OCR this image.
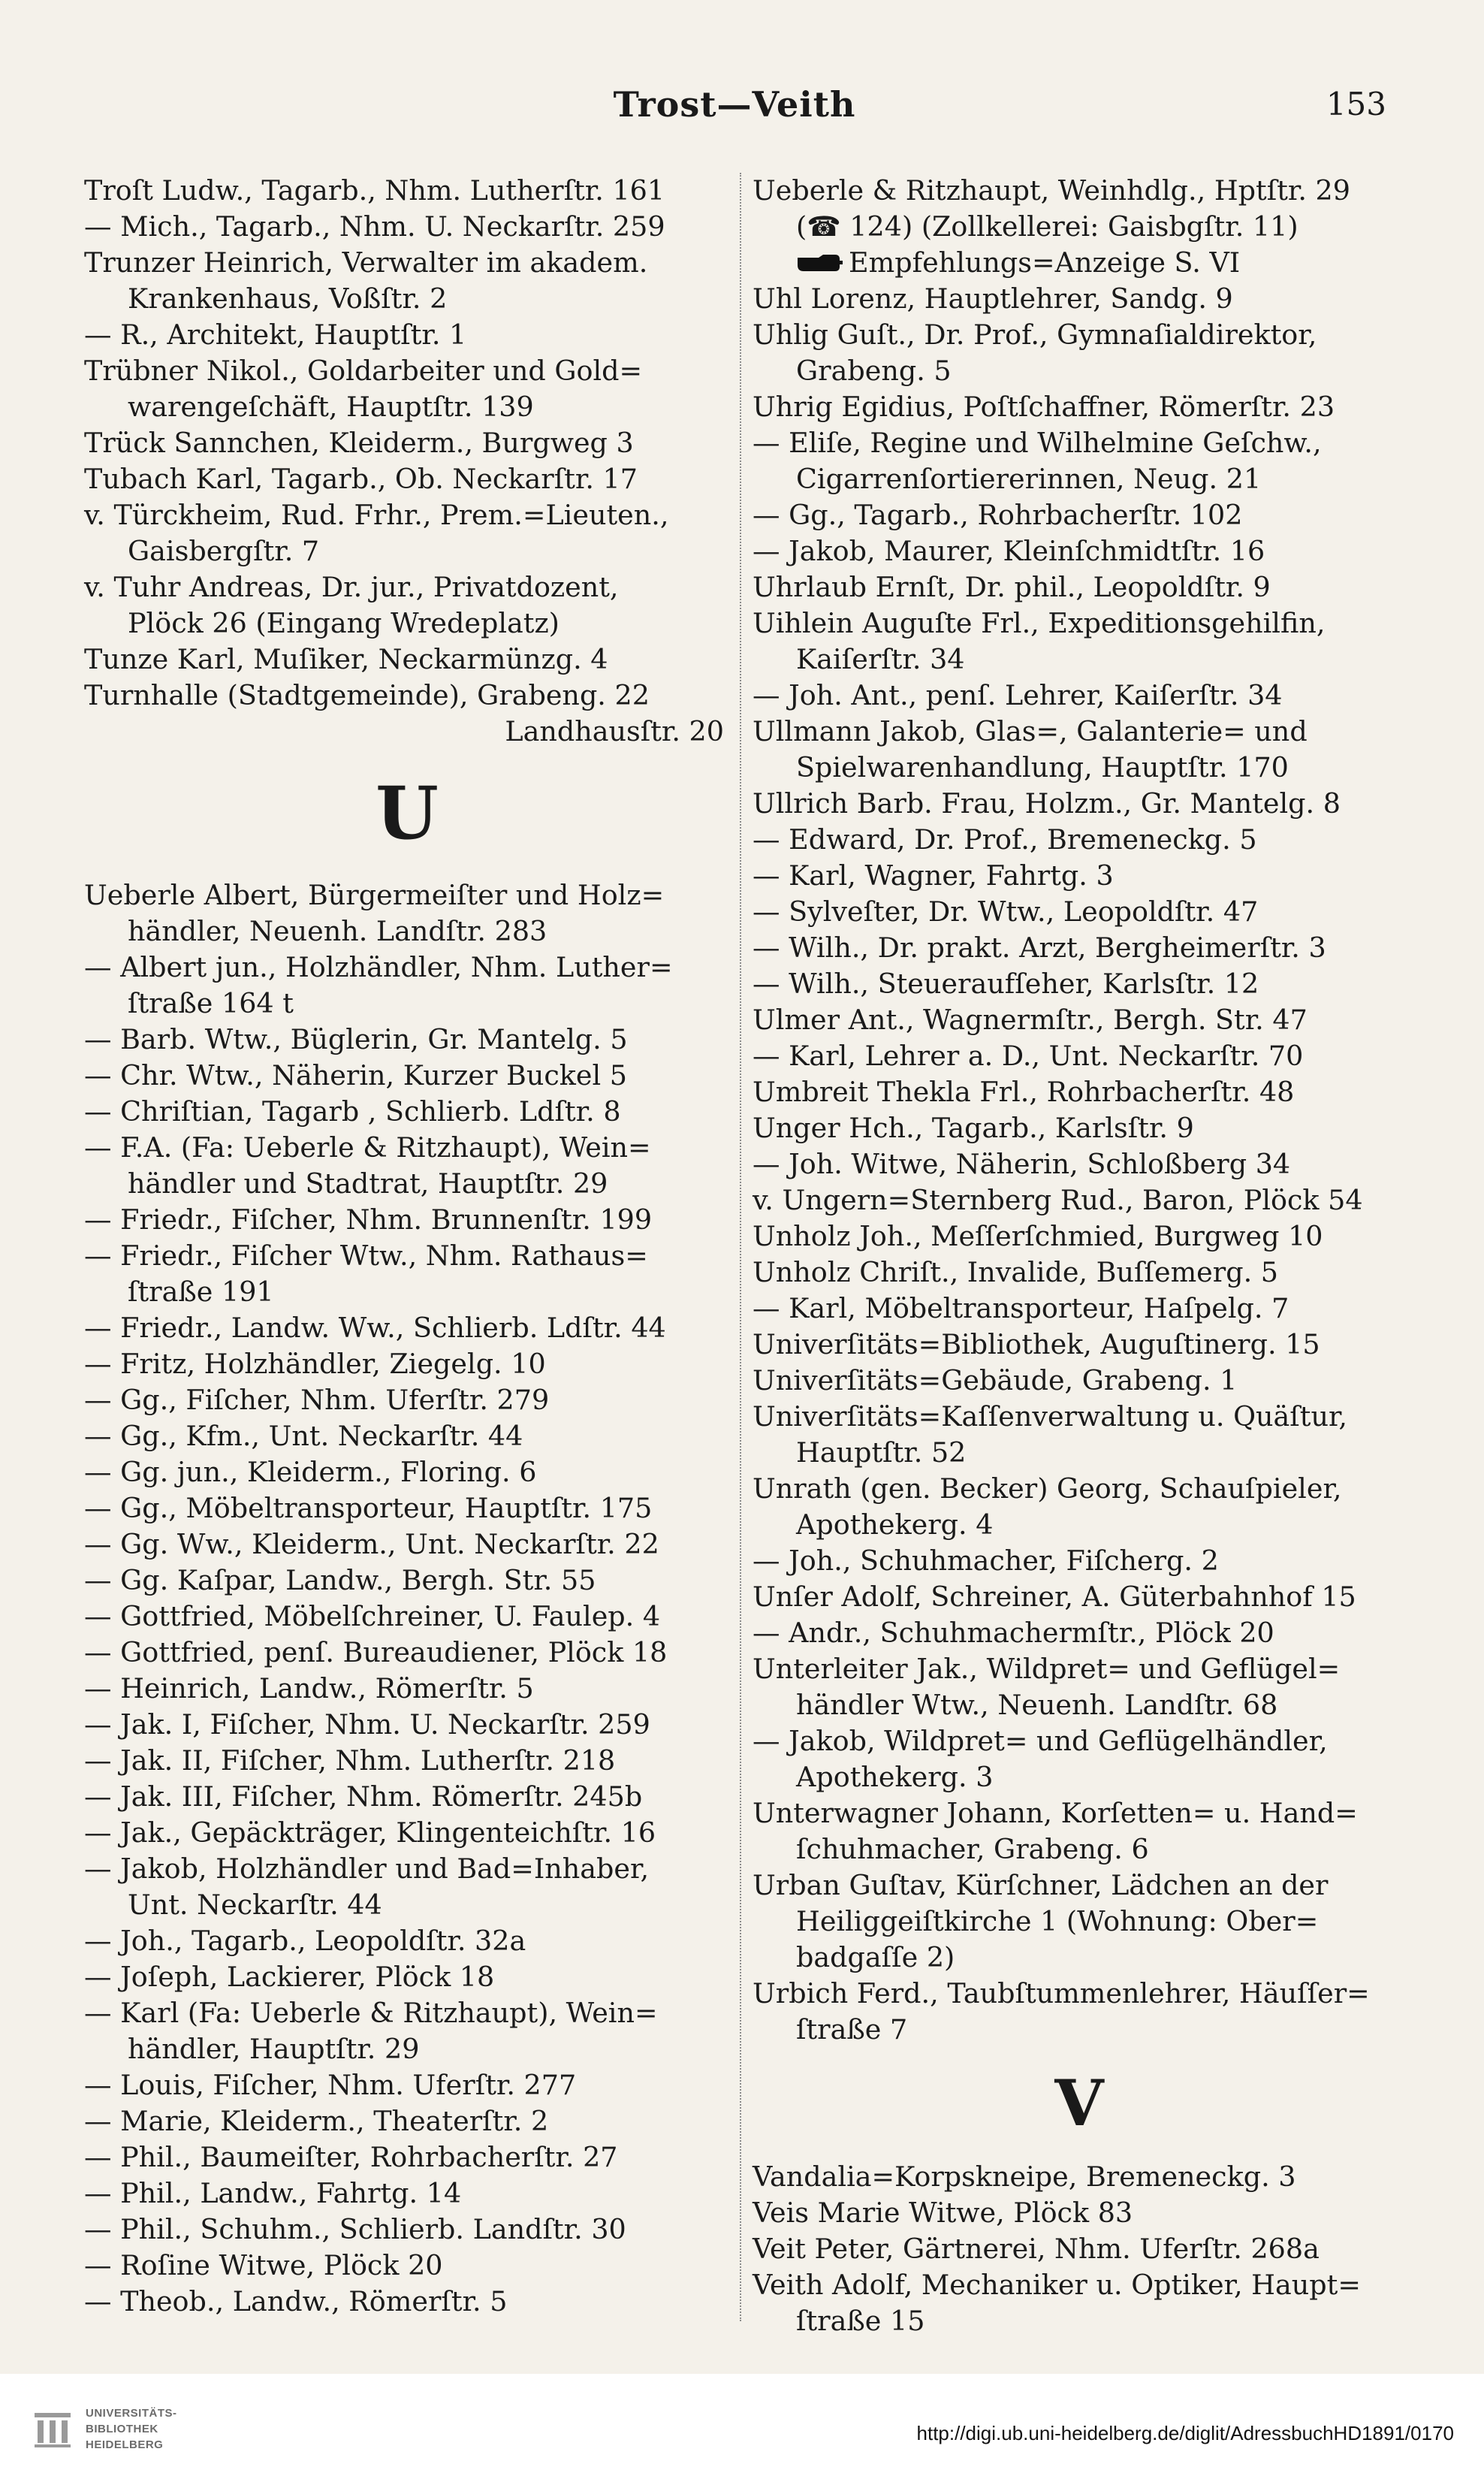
Trost—Veith	153
Troſt Ludw., Tagarb., Nhm. Lutherſtr. 161
— Mich., Tagarb., Nhm. U. Neckarſtr. 259
Trunzer Heinrich, Verwalter im akadem.
Krankenhaus, Voßſtr. 2
— R., Architekt, Hauptſtr. 1
Trübner Nikol., Goldarbeiter und Gold=
warengeſchäft, Hauptſtr. 139
Trück Sannchen, Kleiderm., Burgweg 3
Tubach Karl, Tagarb., Ob. Neckarſtr. 17
v. Türckheim, Rud. Frhr., Prem.=Lieuten.,
Gaisbergſtr. 7
v. Tuhr Andreas, Dr. jur., Privatdozent,
Plöck 26 (Eingang Wredeplatz)
Tunze Karl, Muſiker, Neckarmünzg. 4
Turnhalle (Stadtgemeinde), Grabeng. 22
Landhausſtr. 20
U
Ueberle Albert, Bürgermeiſter und Holz=
händler, Neuenh. Landſtr. 283
— Albert jun., Holzhändler, Nhm. Luther=
ſtraße 164 t
— Barb. Wtw., Büglerin, Gr. Mantelg. 5
— Chr. Wtw., Näherin, Kurzer Buckel 5
— Chriſtian, Tagarb , Schlierb. Ldſtr. 8
— F.A. (Fa: Ueberle & Ritzhaupt), Wein=
händler und Stadtrat, Hauptſtr. 29
— Friedr., Fiſcher, Nhm. Brunnenſtr. 199
— Friedr., Fiſcher Wtw., Nhm. Rathaus=
ſtraße 191
— Friedr., Landw. Ww., Schlierb. Ldſtr. 44
— Fritz, Holzhändler, Ziegelg. 10
— Gg., Fiſcher, Nhm. Uferſtr. 279
— Gg., Kfm., Unt. Neckarſtr. 44
— Gg. jun., Kleiderm., Floring. 6
— Gg., Möbeltransporteur, Hauptſtr. 175
— Gg. Ww., Kleiderm., Unt. Neckarſtr. 22
— Gg. Kaſpar, Landw., Bergh. Str. 55
— Gottfried, Möbelſchreiner, U. Faulep. 4
— Gottfried, penſ. Bureaudiener, Plöck 18
— Heinrich, Landw., Römerſtr. 5
— Jak. I, Fiſcher, Nhm. U. Neckarſtr. 259
— Jak. II, Fiſcher, Nhm. Lutherſtr. 218
— Jak. III, Fiſcher, Nhm. Römerſtr. 245b
— Jak., Gepäckträger, Klingenteichſtr. 16
— Jakob, Holzhändler und Bad=Inhaber,
Unt. Neckarſtr. 44
— Joh., Tagarb., Leopoldſtr. 32a
— Joſeph, Lackierer, Plöck 18
— Karl (Fa: Ueberle & Ritzhaupt), Wein=
händler, Hauptſtr. 29
— Louis, Fiſcher, Nhm. Uferſtr. 277
— Marie, Kleiderm., Theaterſtr. 2
— Phil., Baumeiſter, Rohrbacherſtr. 27
— Phil., Landw., Fahrtg. 14
— Phil., Schuhm., Schlierb. Landſtr. 30
— Roſine Witwe, Plöck 20
— Theob., Landw., Römerſtr. 5
Ueberle & Ritzhaupt, Weinhdlg., Hptſtr. 29
(☎ 124) (Zollkellerei: Gaisbgſtr. 11)
Empfehlungs=Anzeige S. VI
Uhl Lorenz, Hauptlehrer, Sandg. 9
Uhlig Guſt., Dr. Prof., Gymnaſialdirektor,
Grabeng. 5
Uhrig Egidius, Poſtſchaffner, Römerſtr. 23
— Eliſe, Regine und Wilhelmine Geſchw.,
Cigarrenſortiererinnen, Neug. 21
— Gg., Tagarb., Rohrbacherſtr. 102
— Jakob, Maurer, Kleinſchmidtſtr. 16
Uhrlaub Ernſt, Dr. phil., Leopoldſtr. 9
Uihlein Auguſte Frl., Expeditionsgehilfin,
Kaiſerſtr. 34
— Joh. Ant., penſ. Lehrer, Kaiſerſtr. 34
Ullmann Jakob, Glas=, Galanterie= und
Spielwarenhandlung, Hauptſtr. 170
Ullrich Barb. Frau, Holzm., Gr. Mantelg. 8
— Edward, Dr. Prof., Bremeneckg. 5
— Karl, Wagner, Fahrtg. 3
— Sylveſter, Dr. Wtw., Leopoldſtr. 47
— Wilh., Dr. prakt. Arzt, Bergheimerſtr. 3
— Wilh., Steueraufſeher, Karlsſtr. 12
Ulmer Ant., Wagnermſtr., Bergh. Str. 47
— Karl, Lehrer a. D., Unt. Neckarſtr. 70
Umbreit Thekla Frl., Rohrbacherſtr. 48
Unger Hch., Tagarb., Karlsſtr. 9
— Joh. Witwe, Näherin, Schloßberg 34
v. Ungern=Sternberg Rud., Baron, Plöck 54
Unholz Joh., Meſſerſchmied, Burgweg 10
Unholz Chriſt., Invalide, Buſſemerg. 5
— Karl, Möbeltransporteur, Haſpelg. 7
Univerſitäts=Bibliothek, Auguſtinerg. 15
Univerſitäts=Gebäude, Grabeng. 1
Univerſitäts=Kaſſenverwaltung u. Quäſtur,
Hauptſtr. 52
Unrath (gen. Becker) Georg, Schauſpieler,
Apothekerg. 4
— Joh., Schuhmacher, Fiſcherg. 2
Unſer Adolf, Schreiner, A. Güterbahnhof 15
— Andr., Schuhmachermſtr., Plöck 20
Unterleiter Jak., Wildpret= und Geflügel=
händler Wtw., Neuenh. Landſtr. 68
— Jakob, Wildpret= und Geflügelhändler,
Apothekerg. 3
Unterwagner Johann, Korſetten= u. Hand=
ſchuhmacher, Grabeng. 6
Urban Guſtav, Kürſchner, Lädchen an der
Heiliggeiſtkirche 1 (Wohnung: Ober=
badgaſſe 2)
Urbich Ferd., Taubſtummenlehrer, Häuſſer=
ſtraße 7
V
Vandalia=Korpskneipe, Bremeneckg. 3
Veis Marie Witwe, Plöck 83
Veit Peter, Gärtnerei, Nhm. Uferſtr. 268a
Veith Adolf, Mechaniker u. Optiker, Haupt=
ſtraße 15
UNIVERSITÄTS-
BIBLIOTHEK
HEIDELBERG
http://digi.ub.uni-heidelberg.de/diglit/AdressbuchHD1891/0170
